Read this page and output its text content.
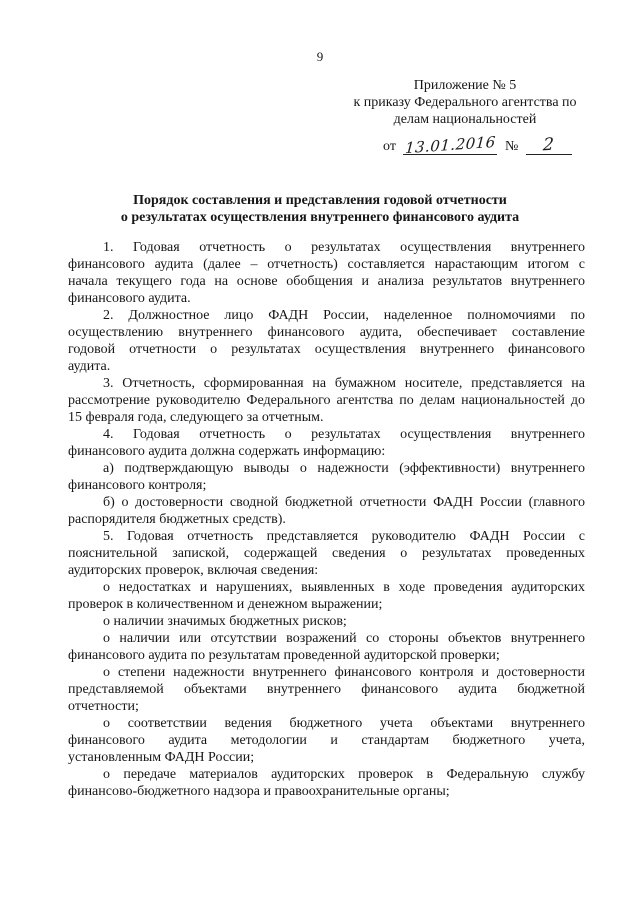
9
Приложение № 5
к приказу Федерального агентства по
делам национальностей
от 13.01.2016 № 2
Порядок составления и представления годовой отчетности
о результатах осуществления внутреннего финансового аудита
1. Годовая отчетность о результатах осуществления внутреннего
финансового аудита (далее – отчетность) составляется нарастающим итогом с
начала текущего года на основе обобщения и анализа результатов внутреннего
финансового аудита.
2. Должностное лицо ФАДН России, наделенное полномочиями по
осуществлению внутреннего финансового аудита, обеспечивает составление
годовой отчетности о результатах осуществления внутреннего финансового
аудита.
3. Отчетность, сформированная на бумажном носителе, представляется на
рассмотрение руководителю Федерального агентства по делам национальностей до
15 февраля года, следующего за отчетным.
4. Годовая отчетность о результатах осуществления внутреннего
финансового аудита должна содержать информацию:
а) подтверждающую выводы о надежности (эффективности) внутреннего
финансового контроля;
б) о достоверности сводной бюджетной отчетности ФАДН России (главного
распорядителя бюджетных средств).
5. Годовая отчетность представляется руководителю ФАДН России с
пояснительной запиской, содержащей сведения о результатах проведенных
аудиторских проверок, включая сведения:
о недостатках и нарушениях, выявленных в ходе проведения аудиторских
проверок в количественном и денежном выражении;
о наличии значимых бюджетных рисков;
о наличии или отсутствии возражений со стороны объектов внутреннего
финансового аудита по результатам проведенной аудиторской проверки;
о степени надежности внутреннего финансового контроля и достоверности
представляемой объектами внутреннего финансового аудита бюджетной
отчетности;
о соответствии ведения бюджетного учета объектами внутреннего
финансового аудита методологии и стандартам бюджетного учета,
установленным ФАДН России;
о передаче материалов аудиторских проверок в Федеральную службу
финансово-бюджетного надзора и правоохранительные органы;
